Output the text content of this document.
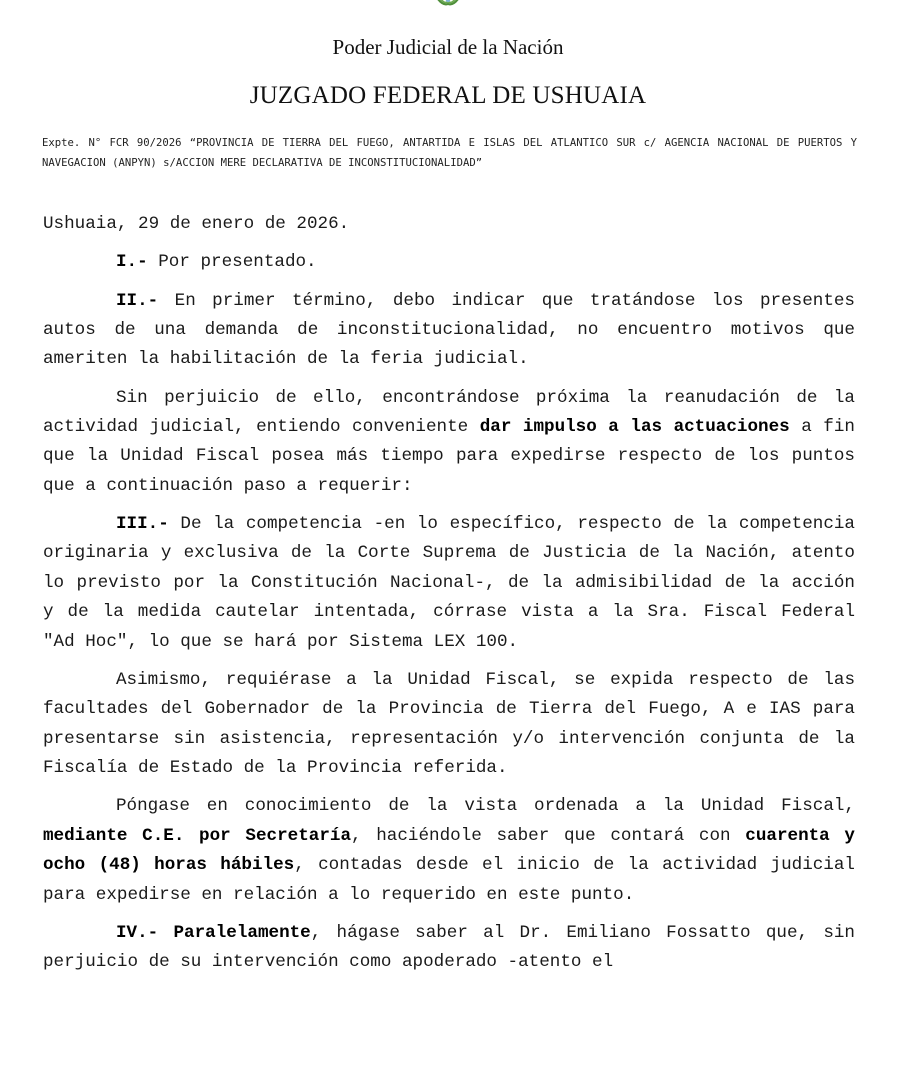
Poder Judicial de la Nación
JUZGADO FEDERAL DE USHUAIA
Expte. N° FCR 90/2026 “PROVINCIA DE TIERRA DEL FUEGO, ANTARTIDA E ISLAS DEL ATLANTICO SUR c/ AGENCIA NACIONAL DE PUERTOS Y NAVEGACION (ANPYN) s/ACCION MERE DECLARATIVA DE INCONSTITUCIONALIDAD”

Ushuaia, 29 de enero de 2026.

I.- Por presentado.

II.- En primer término, debo indicar que tratándose los presentes autos de una demanda de inconstitucionalidad, no encuentro motivos que ameriten la habilitación de la feria judicial.

Sin perjuicio de ello, encontrándose próxima la reanudación de la actividad judicial, entiendo conveniente dar impulso a las actuaciones a fin que la Unidad Fiscal posea más tiempo para expedirse respecto de los puntos que a continuación paso a requerir:

III.- De la competencia -en lo específico, respecto de la competencia originaria y exclusiva de la Corte Suprema de Justicia de la Nación, atento lo previsto por la Constitución Nacional-, de la admisibilidad de la acción y de la medida cautelar intentada, córrase vista a la Sra. Fiscal Federal "Ad Hoc", lo que se hará por Sistema LEX 100.

Asimismo, requiérase a la Unidad Fiscal, se expida respecto de las facultades del Gobernador de la Provincia de Tierra del Fuego, A e IAS para presentarse sin asistencia, representación y/o intervención conjunta de la Fiscalía de Estado de la Provincia referida.

Póngase en conocimiento de la vista ordenada a la Unidad Fiscal, mediante C.E. por Secretaría, haciéndole saber que contará con cuarenta y ocho (48) horas hábiles, contadas desde el inicio de la actividad judicial para expedirse en relación a lo requerido en este punto.

IV.- Paralelamente, hágase saber al Dr. Emiliano Fossatto que, sin perjuicio de su intervención como apoderado -atento el
